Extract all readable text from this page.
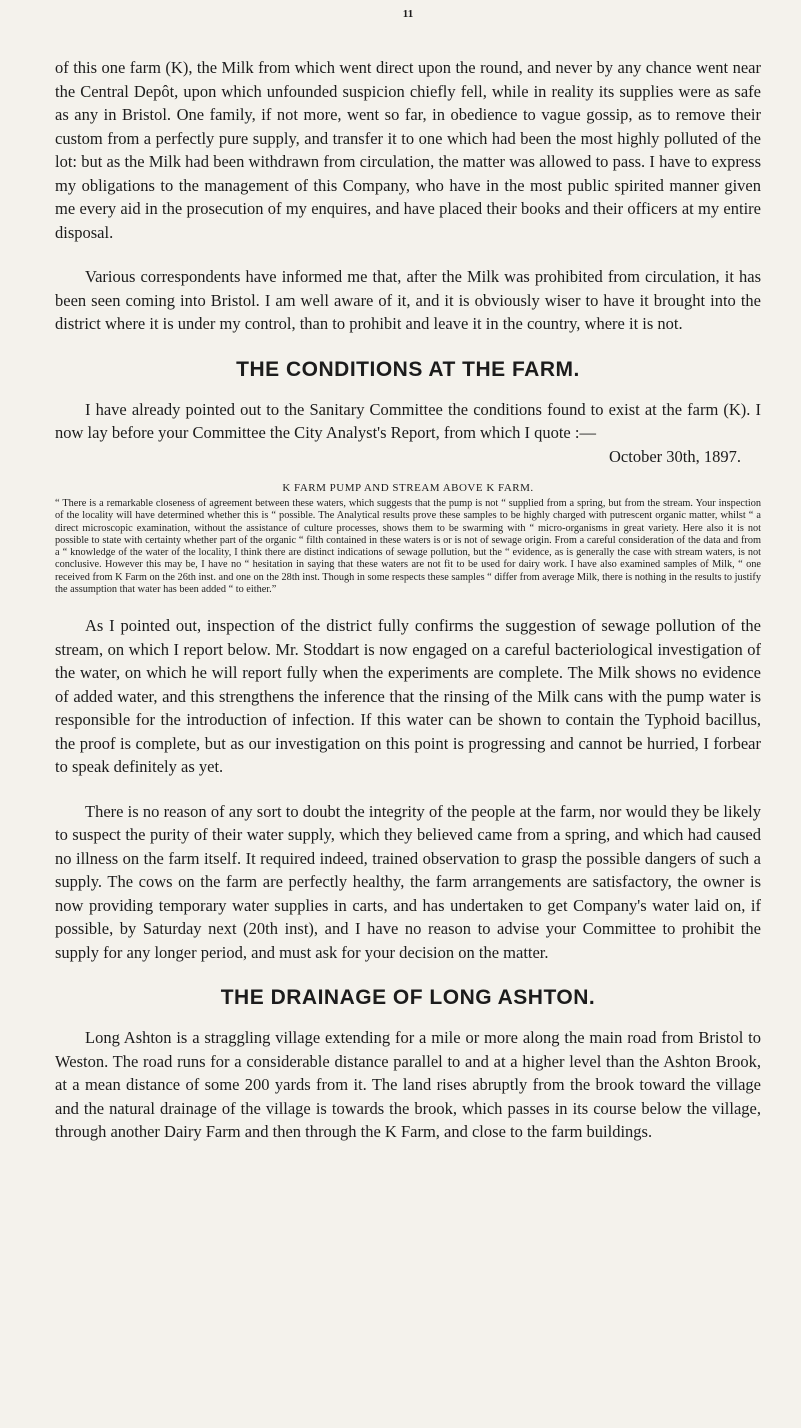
11

of this one farm (K), the Milk from which went direct upon the round, and never by any chance went near the Central Depôt, upon which unfounded suspicion chiefly fell, while in reality its supplies were as safe as any in Bristol. One family, if not more, went so far, in obedience to vague gossip, as to remove their custom from a perfectly pure supply, and transfer it to one which had been the most highly polluted of the lot: but as the Milk had been withdrawn from circulation, the matter was allowed to pass. I have to express my obligations to the management of this Company, who have in the most public spirited manner given me every aid in the prosecution of my enquires, and have placed their books and their officers at my entire disposal.

Various correspondents have informed me that, after the Milk was prohibited from circulation, it has been seen coming into Bristol. I am well aware of it, and it is obviously wiser to have it brought into the district where it is under my control, than to prohibit and leave it in the country, where it is not.

THE CONDITIONS AT THE FARM.

I have already pointed out to the Sanitary Committee the conditions found to exist at the farm (K). I now lay before your Committee the City Analyst's Report, from which I quote :—

October 30th, 1897.
K FARM PUMP AND STREAM ABOVE K FARM.

“ There is a remarkable closeness of agreement between these waters, which suggests that the pump is not “ supplied from a spring, but from the stream. Your inspection of the locality will have determined whether this is “ possible. The Analytical results prove these samples to be highly charged with putrescent organic matter, whilst “ a direct microscopic examination, without the assistance of culture processes, shows them to be swarming with “ micro-organisms in great variety. Here also it is not possible to state with certainty whether part of the organic “ filth contained in these waters is or is not of sewage origin. From a careful consideration of the data and from a “ knowledge of the water of the locality, I think there are distinct indications of sewage pollution, but the “ evidence, as is generally the case with stream waters, is not conclusive. However this may be, I have no “ hesitation in saying that these waters are not fit to be used for dairy work. I have also examined samples of Milk, “ one received from K Farm on the 26th inst. and one on the 28th inst. Though in some respects these samples “ differ from average Milk, there is nothing in the results to justify the assumption that water has been added “ to either.”

As I pointed out, inspection of the district fully confirms the suggestion of sewage pollution of the stream, on which I report below. Mr. Stoddart is now engaged on a careful bacteriological investigation of the water, on which he will report fully when the experiments are complete. The Milk shows no evidence of added water, and this strengthens the inference that the rinsing of the Milk cans with the pump water is responsible for the introduction of infection. If this water can be shown to contain the Typhoid bacillus, the proof is complete, but as our investigation on this point is progressing and cannot be hurried, I forbear to speak definitely as yet.

There is no reason of any sort to doubt the integrity of the people at the farm, nor would they be likely to suspect the purity of their water supply, which they believed came from a spring, and which had caused no illness on the farm itself. It required indeed, trained observation to grasp the possible dangers of such a supply. The cows on the farm are perfectly healthy, the farm arrangements are satisfactory, the owner is now providing temporary water supplies in carts, and has undertaken to get Company's water laid on, if possible, by Saturday next (20th inst), and I have no reason to advise your Committee to prohibit the supply for any longer period, and must ask for your decision on the matter.

THE DRAINAGE OF LONG ASHTON.

Long Ashton is a straggling village extending for a mile or more along the main road from Bristol to Weston. The road runs for a considerable distance parallel to and at a higher level than the Ashton Brook, at a mean distance of some 200 yards from it. The land rises abruptly from the brook toward the village and the natural drainage of the village is towards the brook, which passes in its course below the village, through another Dairy Farm and then through the K Farm, and close to the farm buildings.
